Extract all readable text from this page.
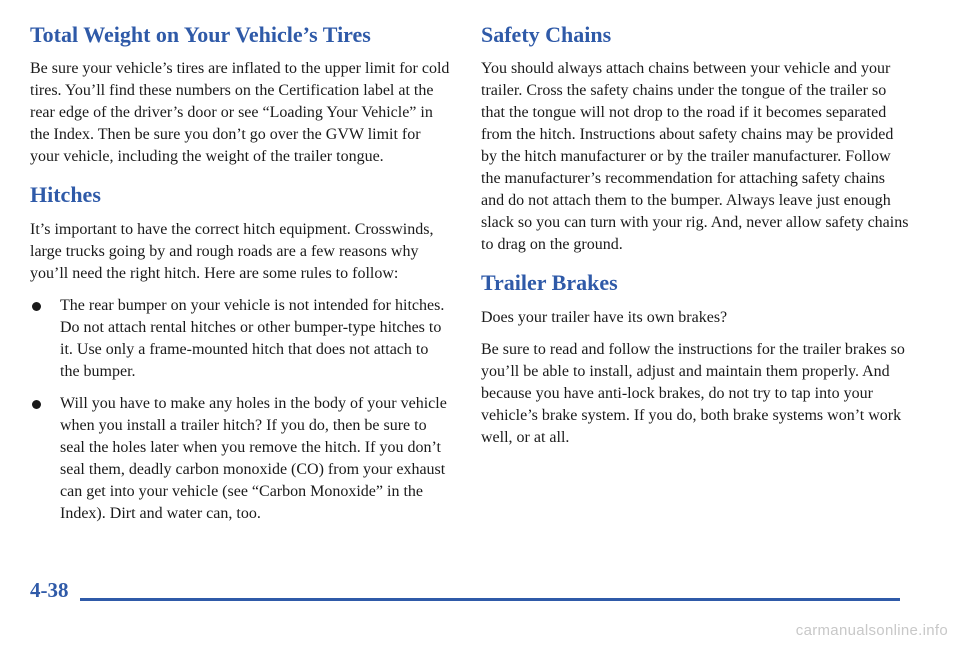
Total Weight on Your Vehicle’s Tires

Be sure your vehicle’s tires are inflated to the upper limit for cold tires. You’ll find these numbers on the Certification label at the rear edge of the driver’s door or see “Loading Your Vehicle” in the Index. Then be sure you don’t go over the GVW limit for your vehicle, including the weight of the trailer tongue.

Hitches

It’s important to have the correct hitch equipment. Crosswinds, large trucks going by and rough roads are a few reasons why you’ll need the right hitch. Here are some rules to follow:

The rear bumper on your vehicle is not intended for hitches. Do not attach rental hitches or other bumper-type hitches to it. Use only a frame-mounted hitch that does not attach to the bumper.
Will you have to make any holes in the body of your vehicle when you install a trailer hitch? If you do, then be sure to seal the holes later when you remove the hitch. If you don’t seal them, deadly carbon monoxide (CO) from your exhaust can get into your vehicle (see “Carbon Monoxide” in the Index). Dirt and water can, too.
Safety Chains

You should always attach chains between your vehicle and your trailer. Cross the safety chains under the tongue of the trailer so that the tongue will not drop to the road if it becomes separated from the hitch. Instructions about safety chains may be provided by the hitch manufacturer or by the trailer manufacturer. Follow the manufacturer’s recommendation for attaching safety chains and do not attach them to the bumper. Always leave just enough slack so you can turn with your rig. And, never allow safety chains to drag on the ground.

Trailer Brakes

Does your trailer have its own brakes?

Be sure to read and follow the instructions for the trailer brakes so you’ll be able to install, adjust and maintain them properly. And because you have anti-lock brakes, do not try to tap into your vehicle’s brake system. If you do, both brake systems won’t work well, or at all.

4-38
carmanualsonline.info
